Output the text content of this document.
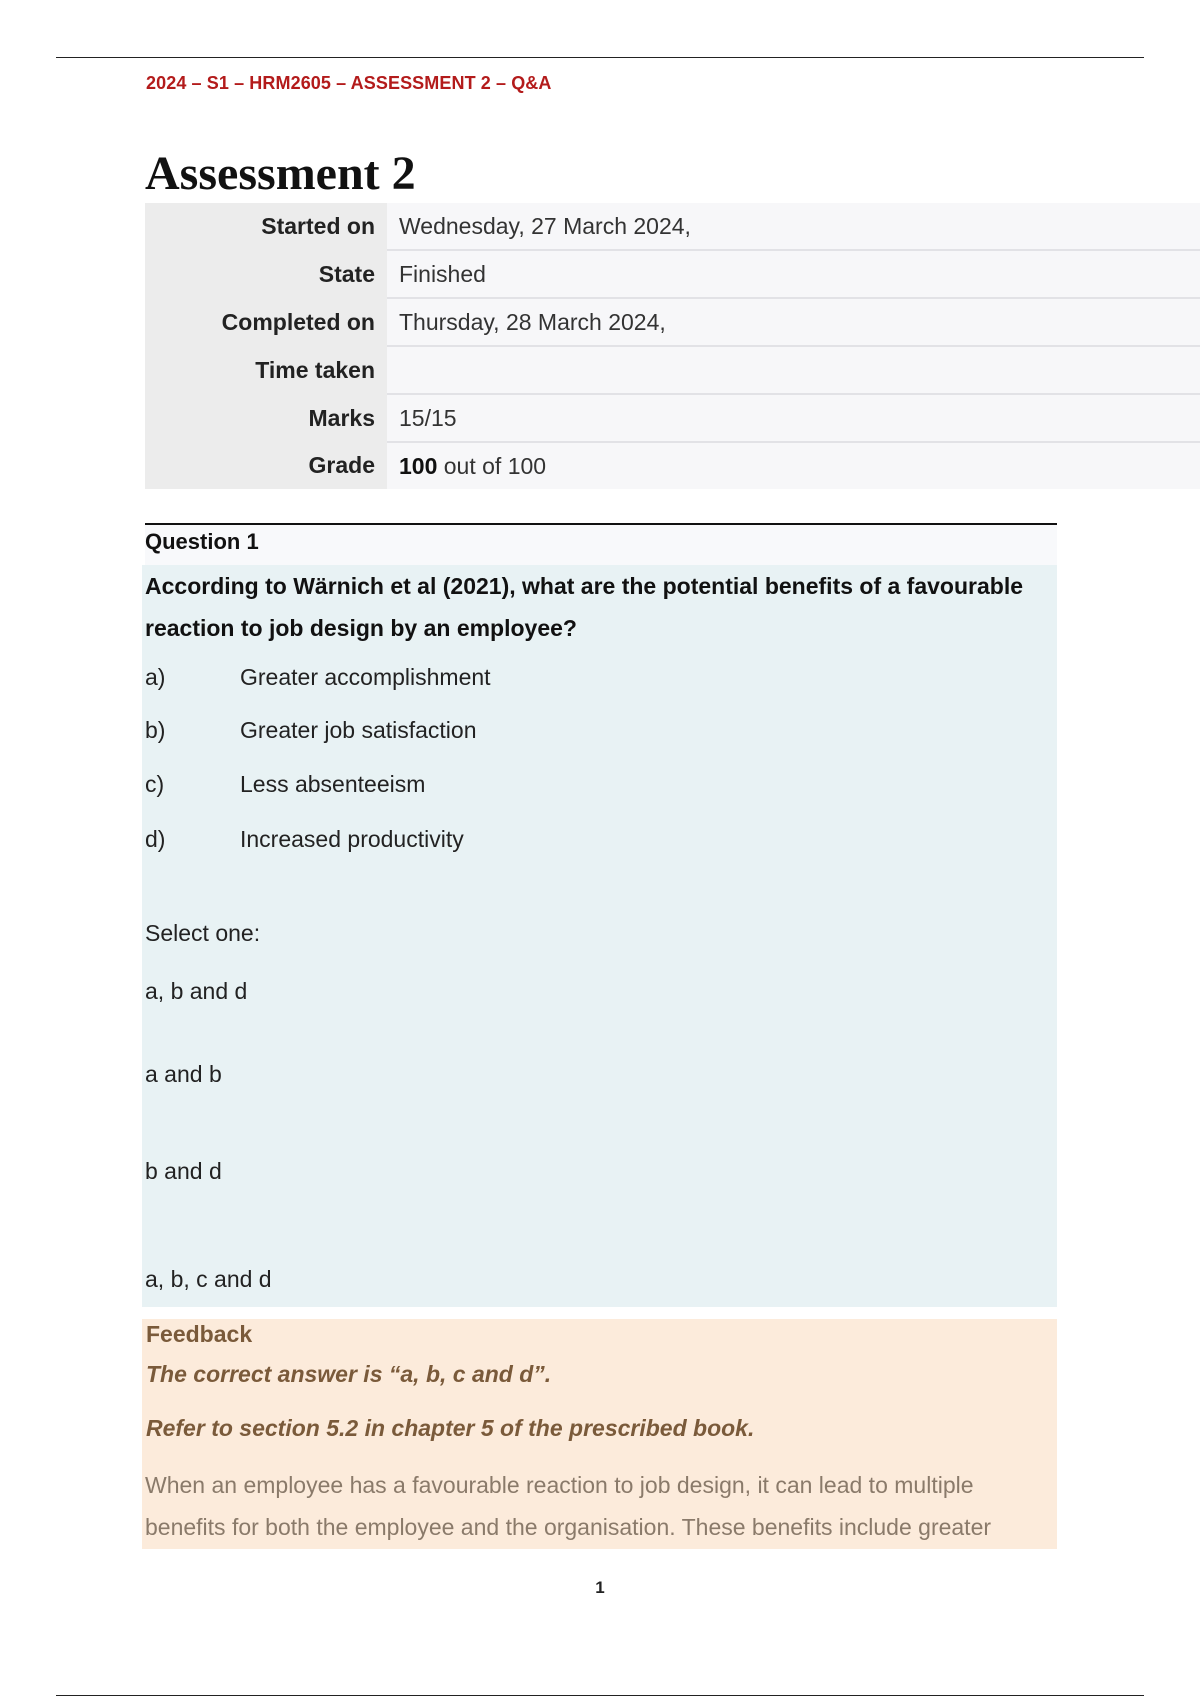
2024 – S1 – HRM2605 – ASSESSMENT 2 – Q&A
Assessment 2
Started on	Wednesday, 27 March 2024,
State	Finished
Completed on	Thursday, 28 March 2024,
Time taken	
Marks	15/15
Grade	100 out of 100
Question 1
According to Wärnich et al (2021), what are the potential benefits of a favourable reaction to job design by an employee?
a)	Greater accomplishment
b)	Greater job satisfaction
c)	Less absenteeism
d)	Increased productivity
Select one:
a, b and d
a and b
b and d
a, b, c and d
Feedback
The correct answer is “a, b, c and d”.
Refer to section 5.2 in chapter 5 of the prescribed book.
When an employee has a favourable reaction to job design, it can lead to multiple benefits for both the employee and the organisation. These benefits include greater
1
